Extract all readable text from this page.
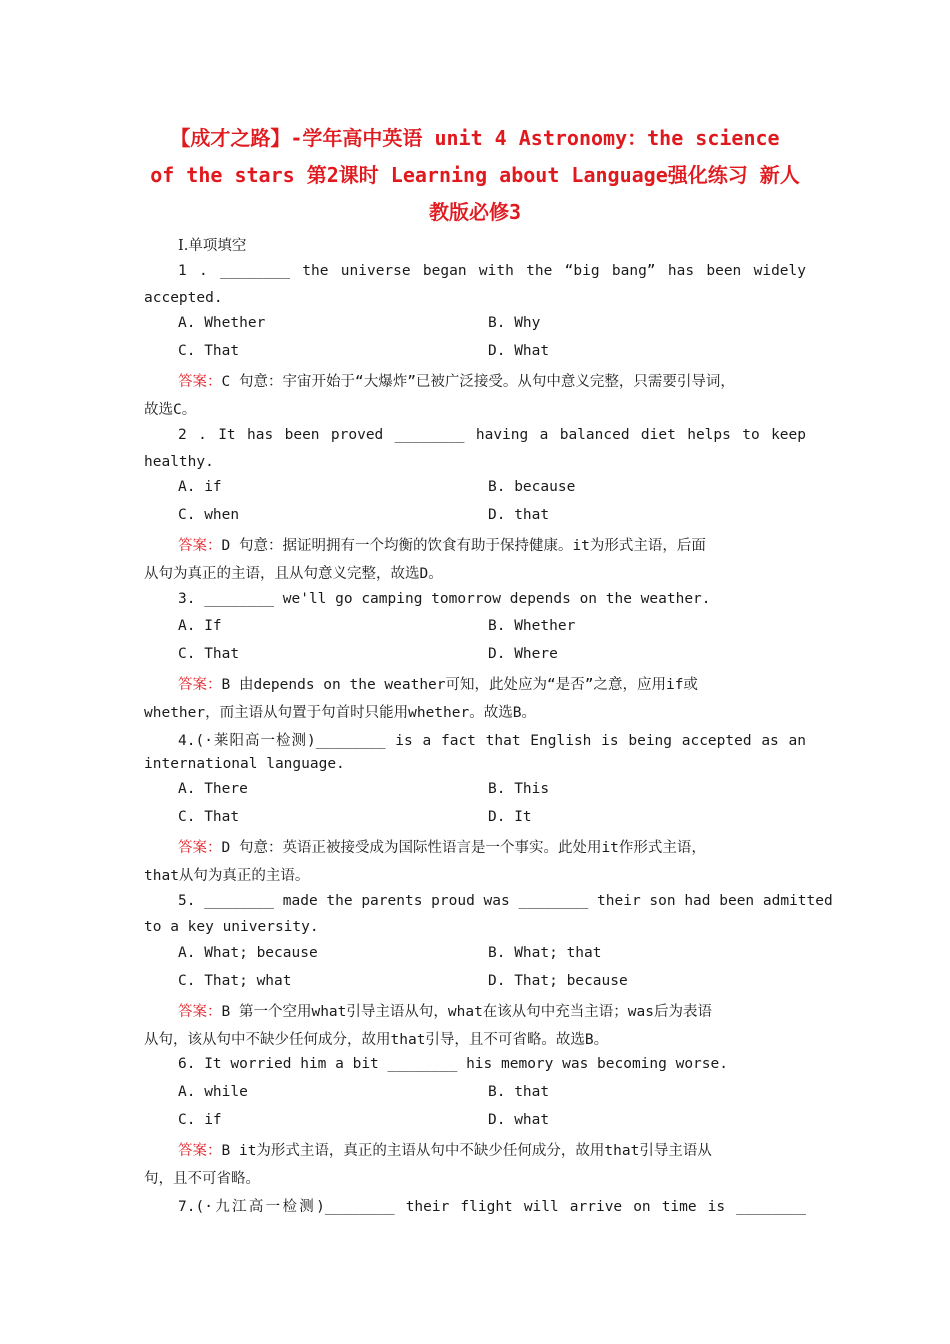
【成才之路】-学年高中英语 unit 4 Astronomy：the science
of the stars 第2课时 Learning about Language强化练习 新人
教版必修3
Ⅰ.单项填空
1 . ________ the universe began with the “big bang” has been widely
accepted.
A. Whether	B. Why
C. That	D. What
答案：C 句意：宇宙开始于“大爆炸”已被广泛接受。从句中意义完整，只需要引导词，
故选C。
2 . It has been proved ________ having a balanced diet helps to keep
healthy.
A. if	B. because
C. when	D. that
答案：D 句意：据证明拥有一个均衡的饮食有助于保持健康。it为形式主语，后面
从句为真正的主语，且从句意义完整，故选D。
3. ________ we'll go camping tomorrow depends on the weather.
A. If	B. Whether
C. That	D. Where
答案：B 由depends on the weather可知，此处应为“是否”之意，应用if或
whether，而主语从句置于句首时只能用whether。故选B。
4.(·莱阳高一检测)________ is a fact that English is being accepted as an
international language.
A. There	B. This
C. That	D. It
答案：D 句意：英语正被接受成为国际性语言是一个事实。此处用it作形式主语，
that从句为真正的主语。
5. ________ made the parents proud was ________ their son had been admitted
to a key university.
A. What; because	B. What; that
C. That; what	D. That; because
答案：B 第一个空用what引导主语从句，what在该从句中充当主语；was后为表语
从句，该从句中不缺少任何成分，故用that引导，且不可省略。故选B。
6. It worried him a bit ________ his memory was becoming worse.
A. while	B. that
C. if	D. what
答案：B it为形式主语，真正的主语从句中不缺少任何成分，故用that引导主语从
句，且不可省略。
7.(·九江高一检测)________ their flight will arrive on time is ________
